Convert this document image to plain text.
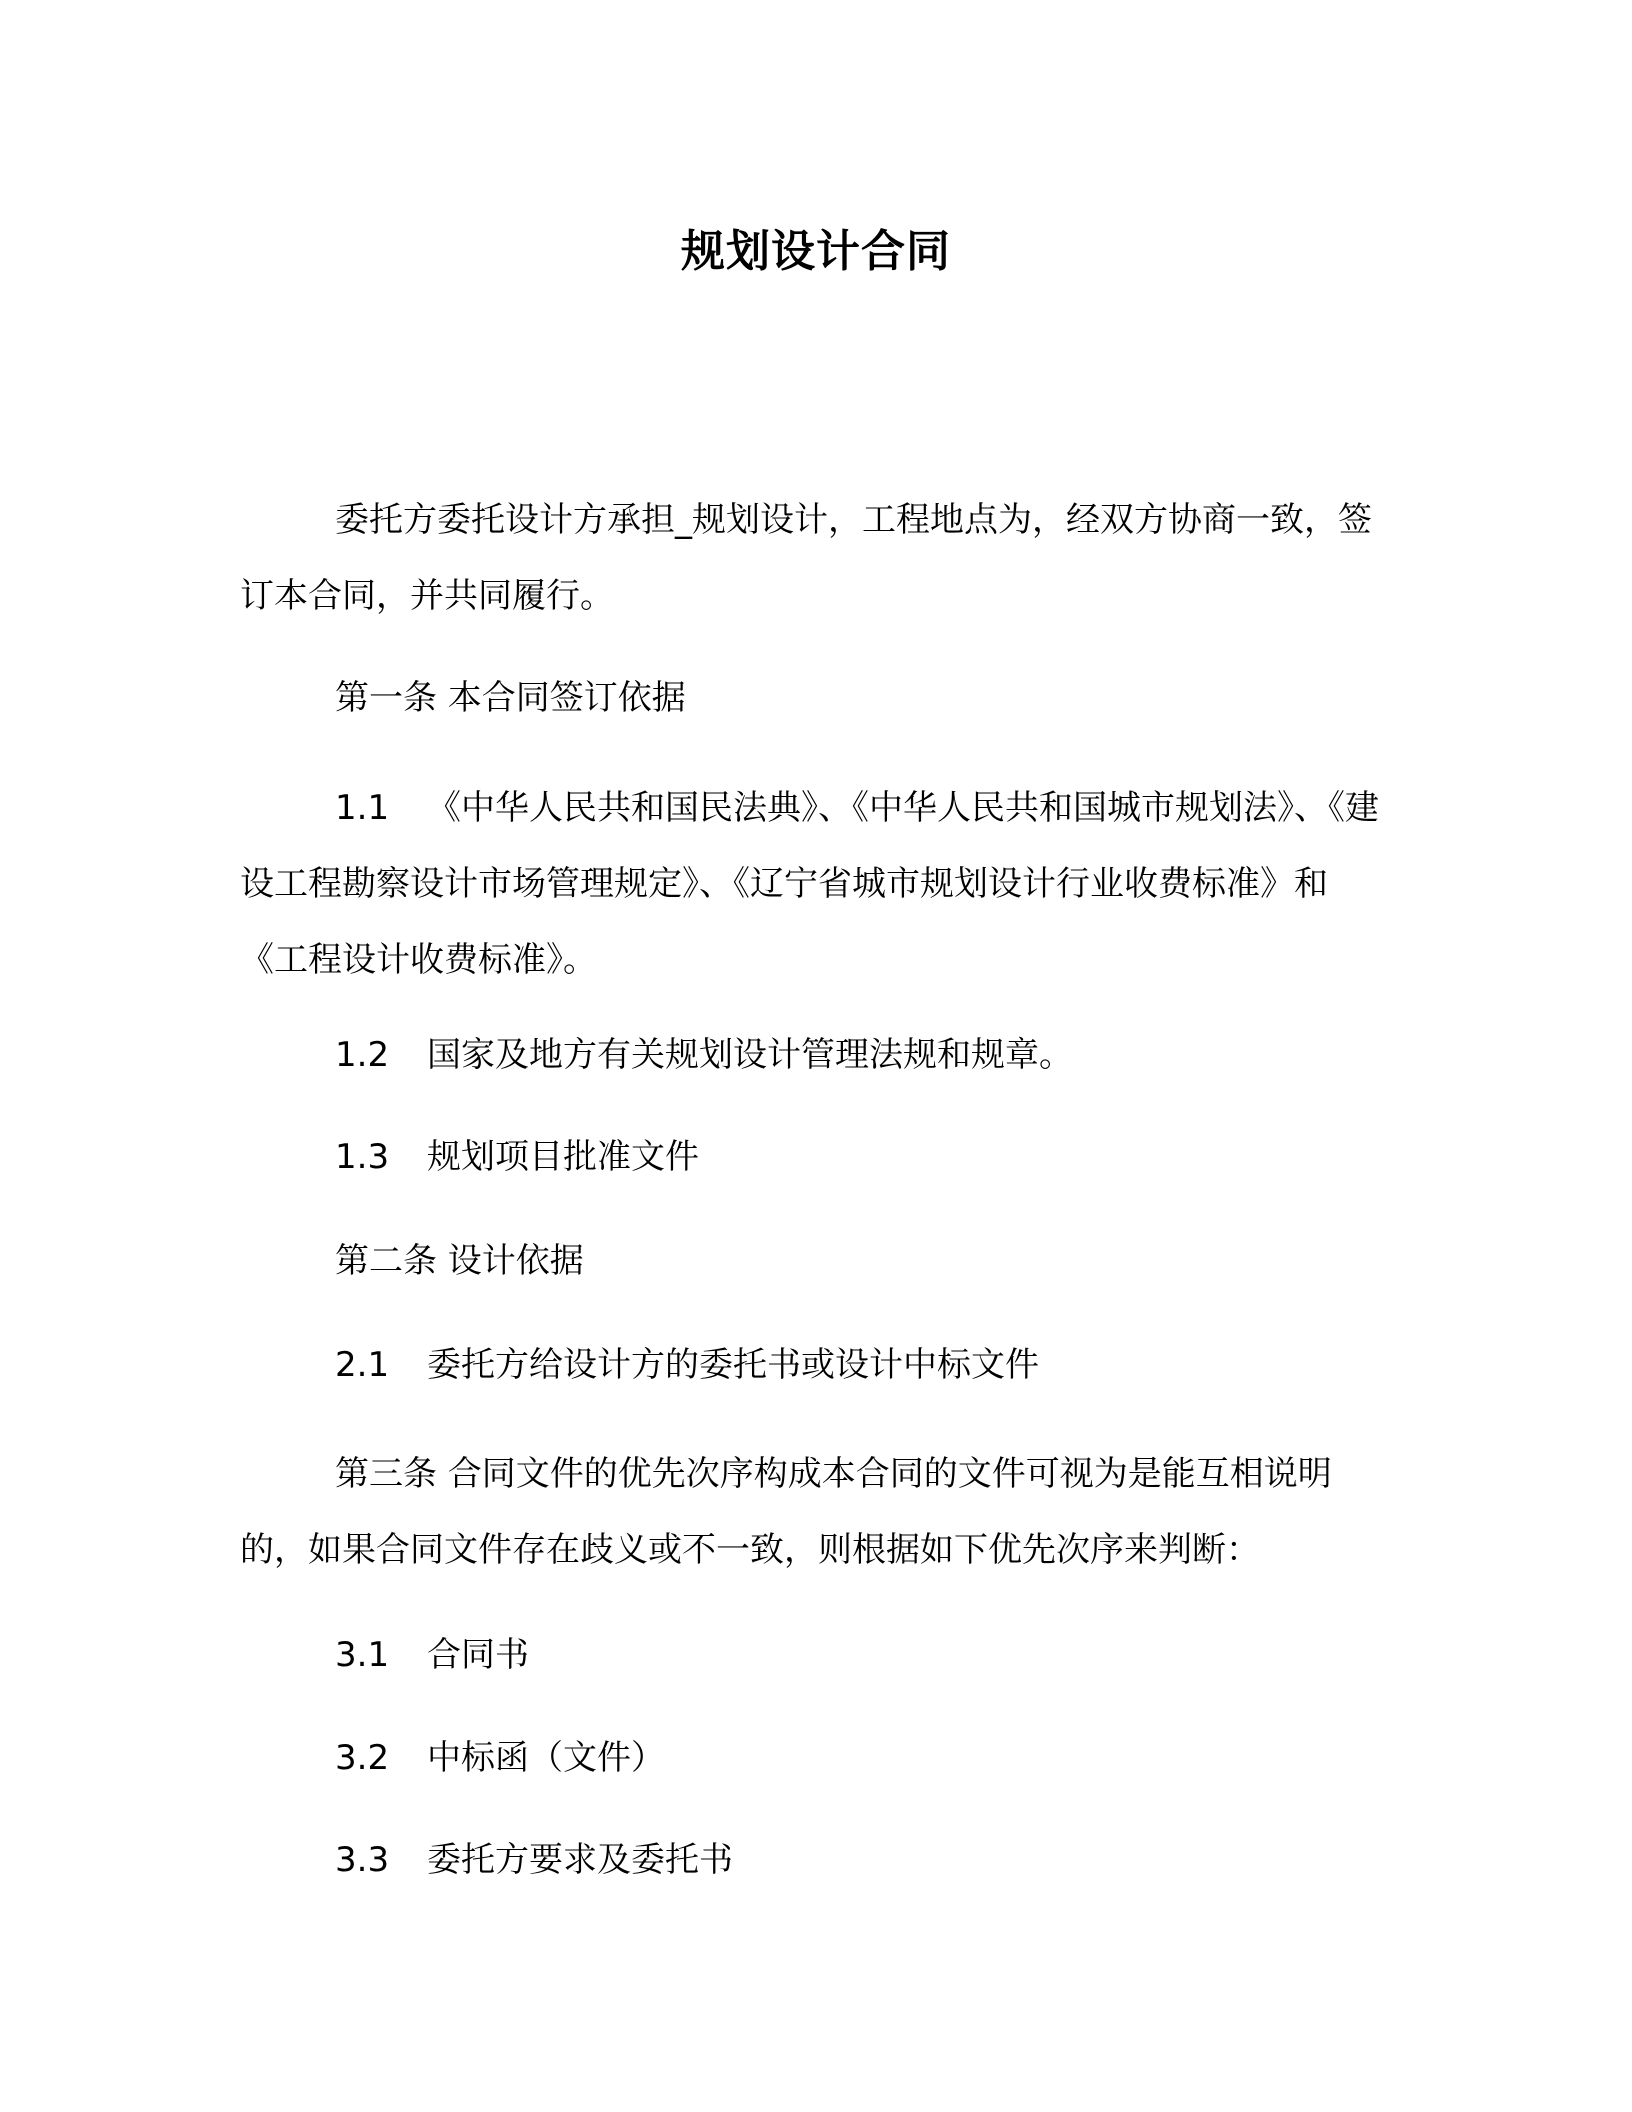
规划设计合同
委托方委托设计方承担_规划设计，工程地点为，经双方协商一致，签订本合同，并共同履行。
第一条 本合同签订依据
1.1 《中华人民共和国民法典》、《中华人民共和国城市规划法》、《建设工程勘察设计市场管理规定》、《辽宁省城市规划设计行业收费标准》和《工程设计收费标准》。
1.2 国家及地方有关规划设计管理法规和规章。
1.3 规划项目批准文件
第二条 设计依据
2.1 委托方给设计方的委托书或设计中标文件
第三条 合同文件的优先次序构成本合同的文件可视为是能互相说明的，如果合同文件存在歧义或不一致，则根据如下优先次序来判断：
3.1 合同书
3.2 中标函（文件）
3.3 委托方要求及委托书
